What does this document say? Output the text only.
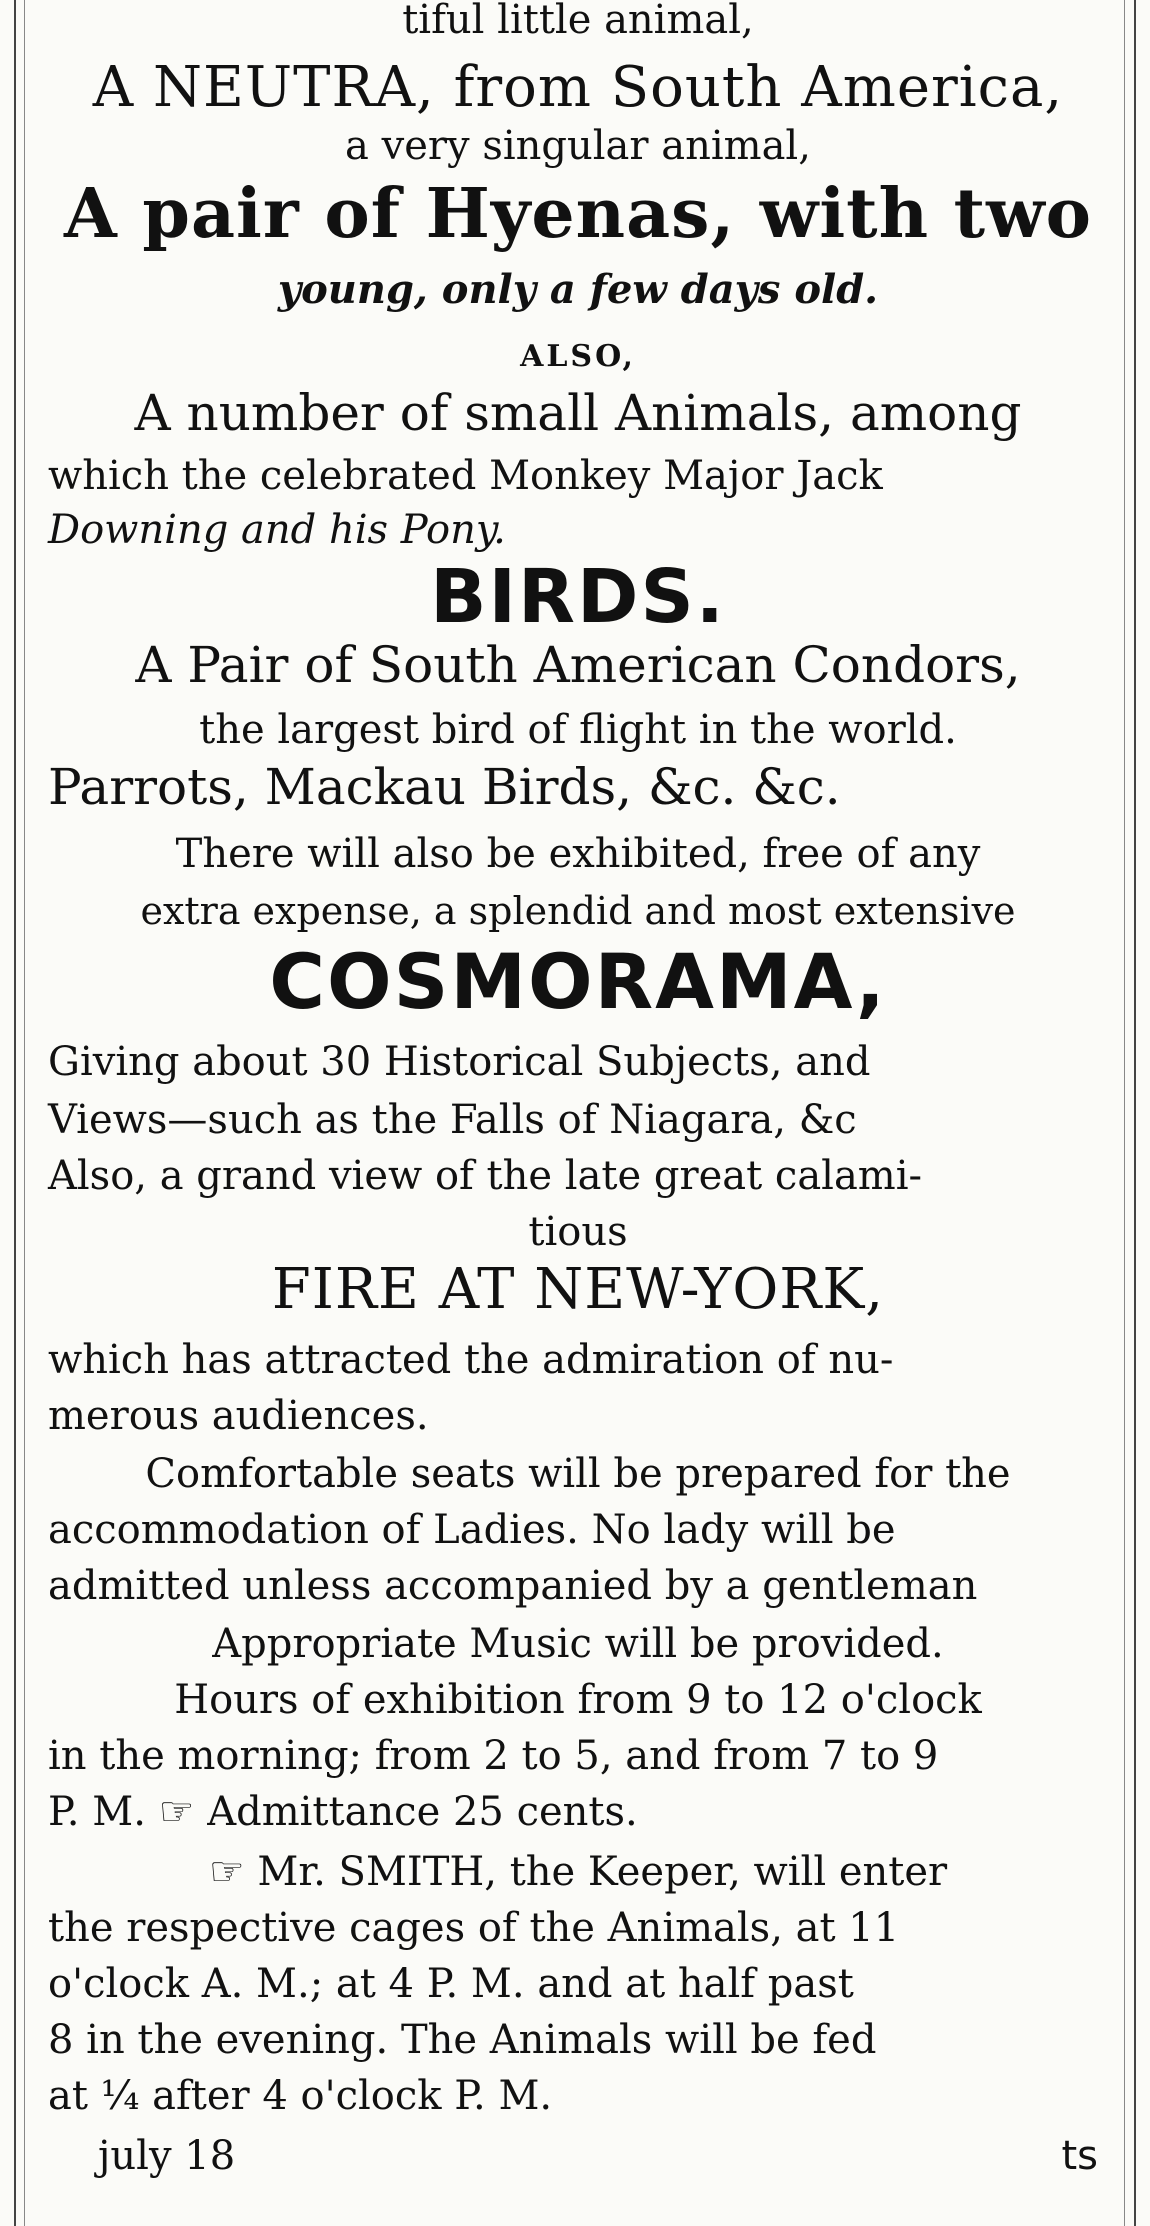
tiful little animal,
A NEUTRA, from South America,
a very singular animal,
A pair of Hyenas, with two
young, only a few days old.
ALSO,
A number of small Animals, among
which the celebrated Monkey Major Jack
Downing and his Pony.
BIRDS.
A Pair of South American Condors,
the largest bird of flight in the world.
Parrots, Mackau Birds, &c. &c.
There will also be exhibited, free of any
extra expense, a splendid and most extensive
COSMORAMA,
Giving about 30 Historical Subjects, and
Views—such as the Falls of Niagara, &c
Also, a grand view of the late great calami-
tious
FIRE AT NEW-YORK,
which has attracted the admiration of nu-
merous audiences.
Comfortable seats will be prepared for the
accommodation of Ladies. No lady will be
admitted unless accompanied by a gentleman
Appropriate Music will be provided.
Hours of exhibition from 9 to 12 o'clock
in the morning; from 2 to 5, and from 7 to 9
P. M. ☞ Admittance 25 cents.
☞ Mr. SMITH, the Keeper, will enter
the respective cages of the Animals, at 11
o'clock A. M.; at 4 P. M. and at half past
8 in the evening. The Animals will be fed
at ¼ after 4 o'clock P. M.
july 18	ts
